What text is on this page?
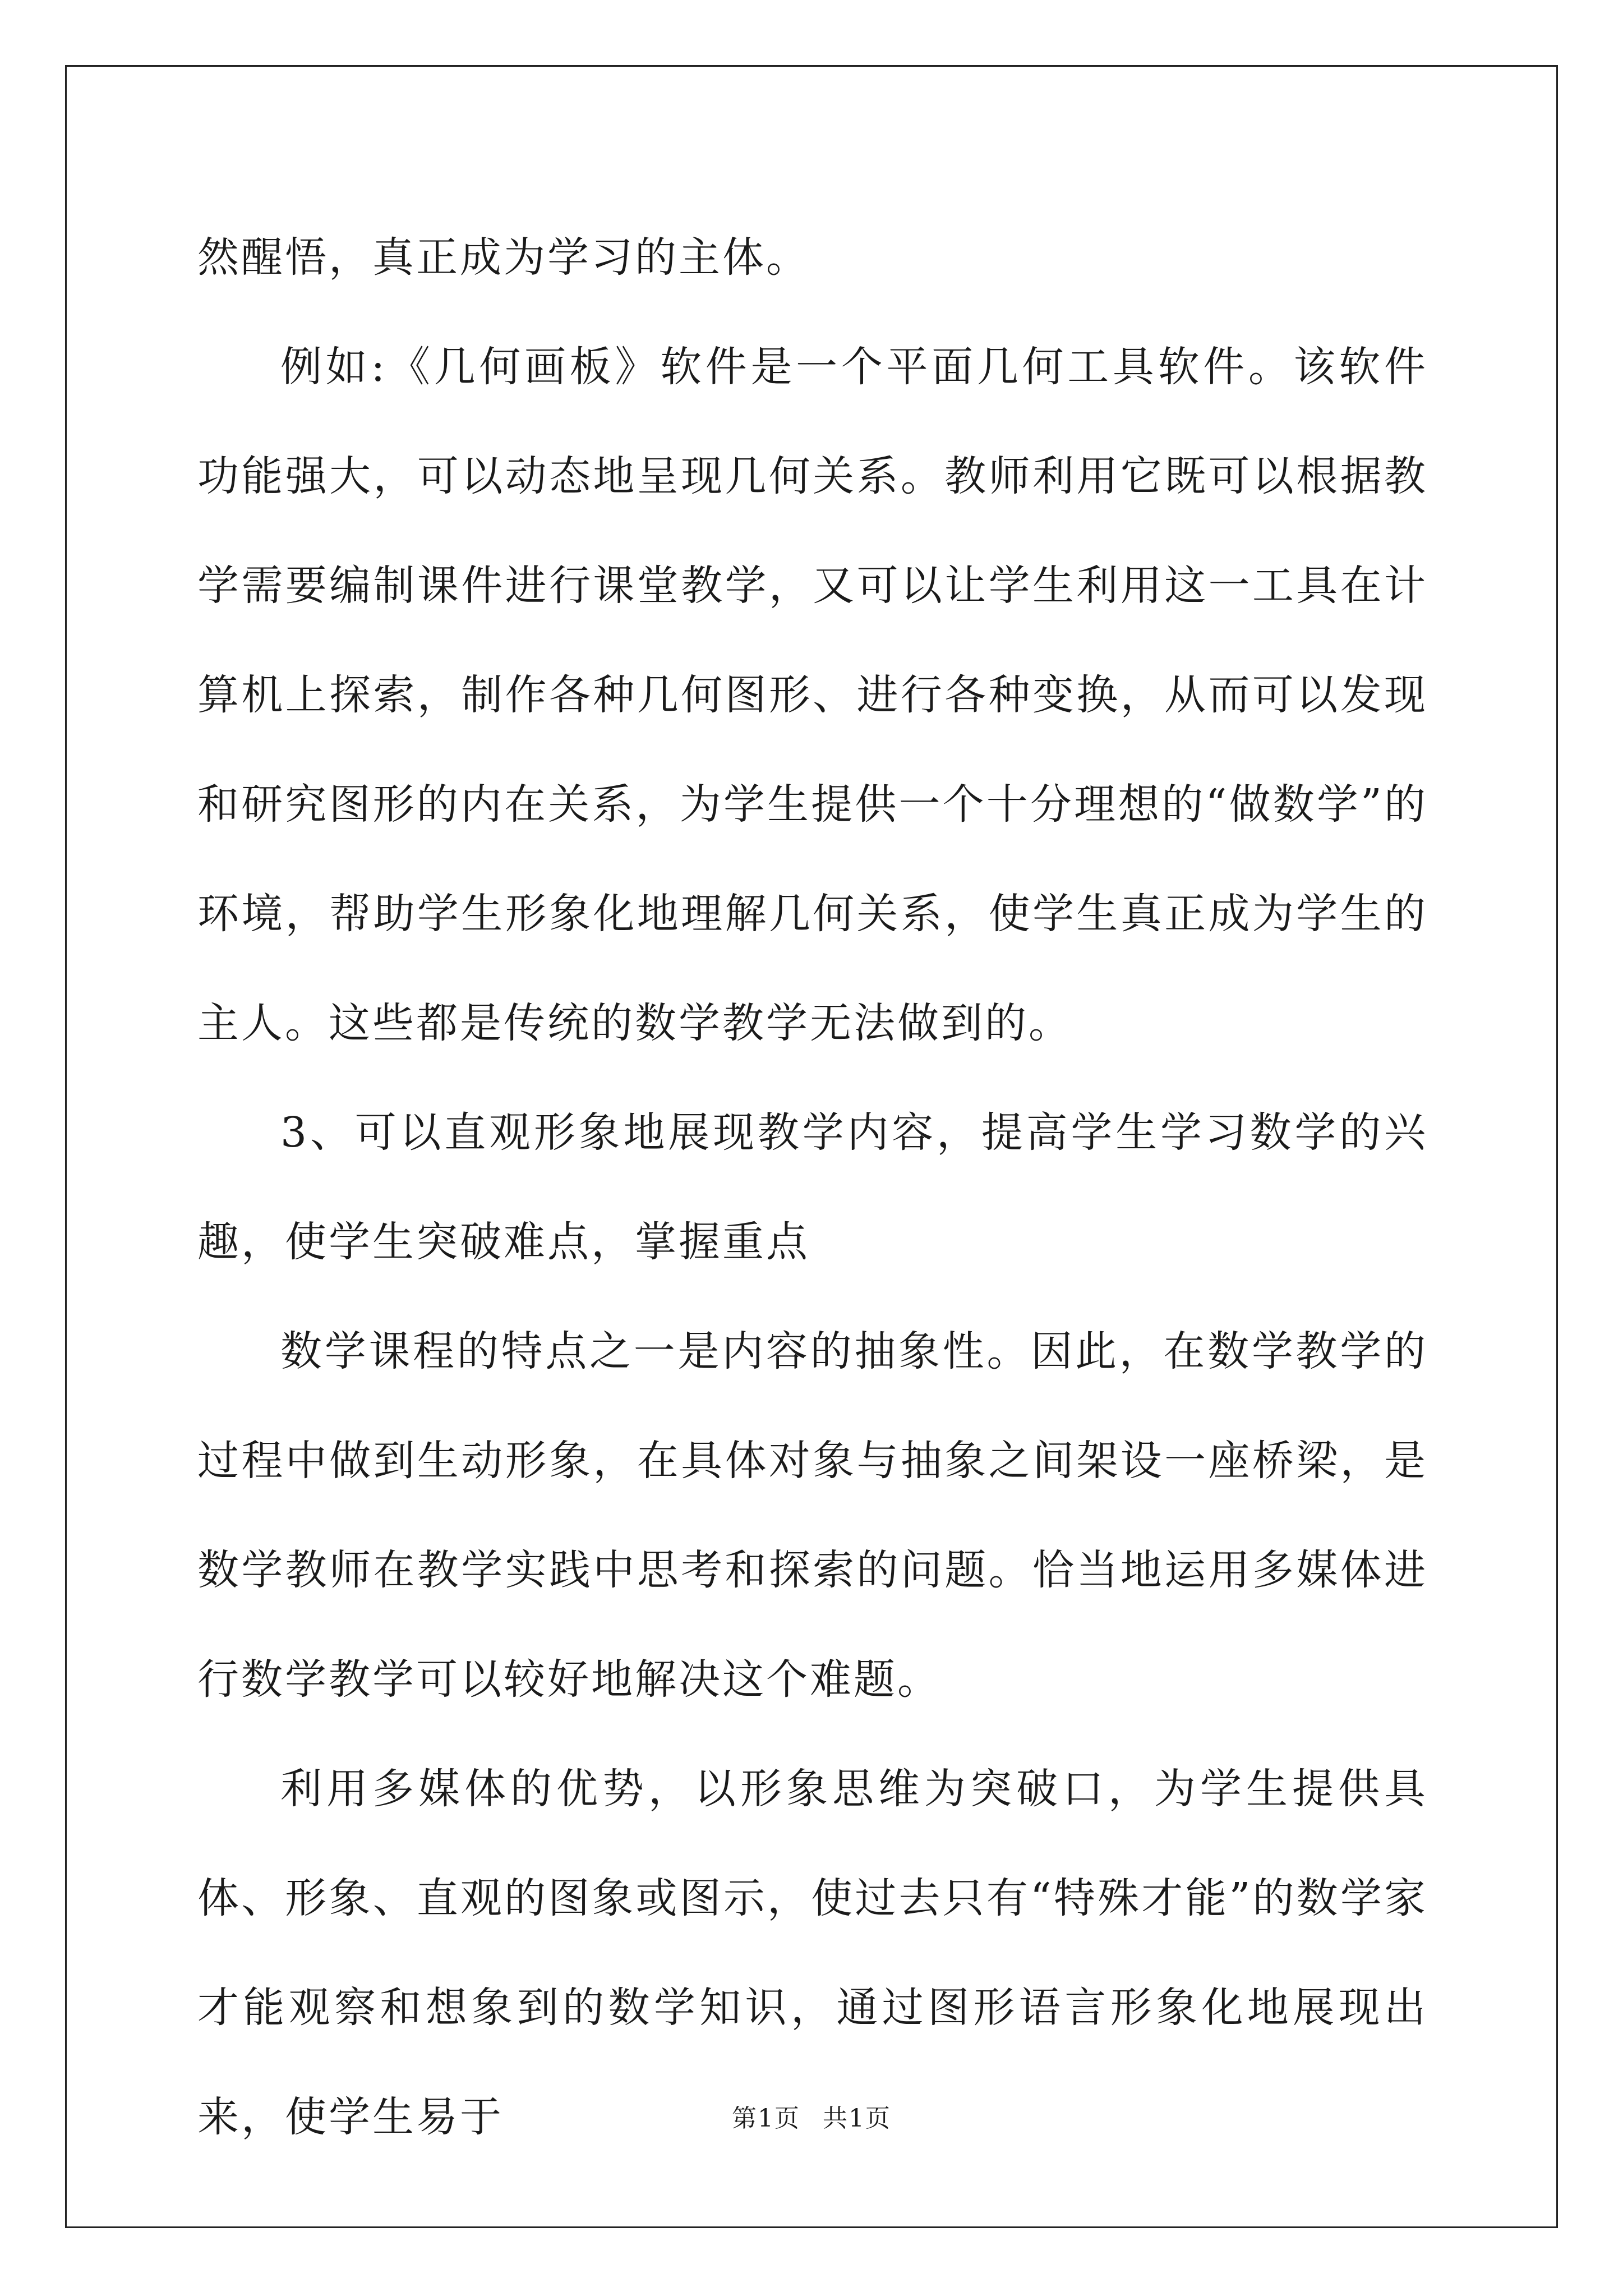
然醒悟，真正成为学习的主体。

例如:《几何画板》软件是一个平面几何工具软件。该软件功能强大，可以动态地呈现几何关系。教师利用它既可以根据教学需要编制课件进行课堂教学，又可以让学生利用这一工具在计算机上探索，制作各种几何图形、进行各种变换，从而可以发现和研究图形的内在关系，为学生提供一个十分理想的“做数学”的环境，帮助学生形象化地理解几何关系，使学生真正成为学生的主人。这些都是传统的数学教学无法做到的。

3、可以直观形象地展现教学内容，提高学生学习数学的兴趣，使学生突破难点，掌握重点

数学课程的特点之一是内容的抽象性。因此，在数学教学的过程中做到生动形象，在具体对象与抽象之间架设一座桥梁，是数学教师在教学实践中思考和探索的问题。恰当地运用多媒体进行数学教学可以较好地解决这个难题。

利用多媒体的优势，以形象思维为突破口，为学生提供具体、形象、直观的图象或图示，使过去只有“特殊才能”的数学家才能观察和想象到的数学知识，通过图形语言形象化地展现出来，使学生易于	第1页 共1页
